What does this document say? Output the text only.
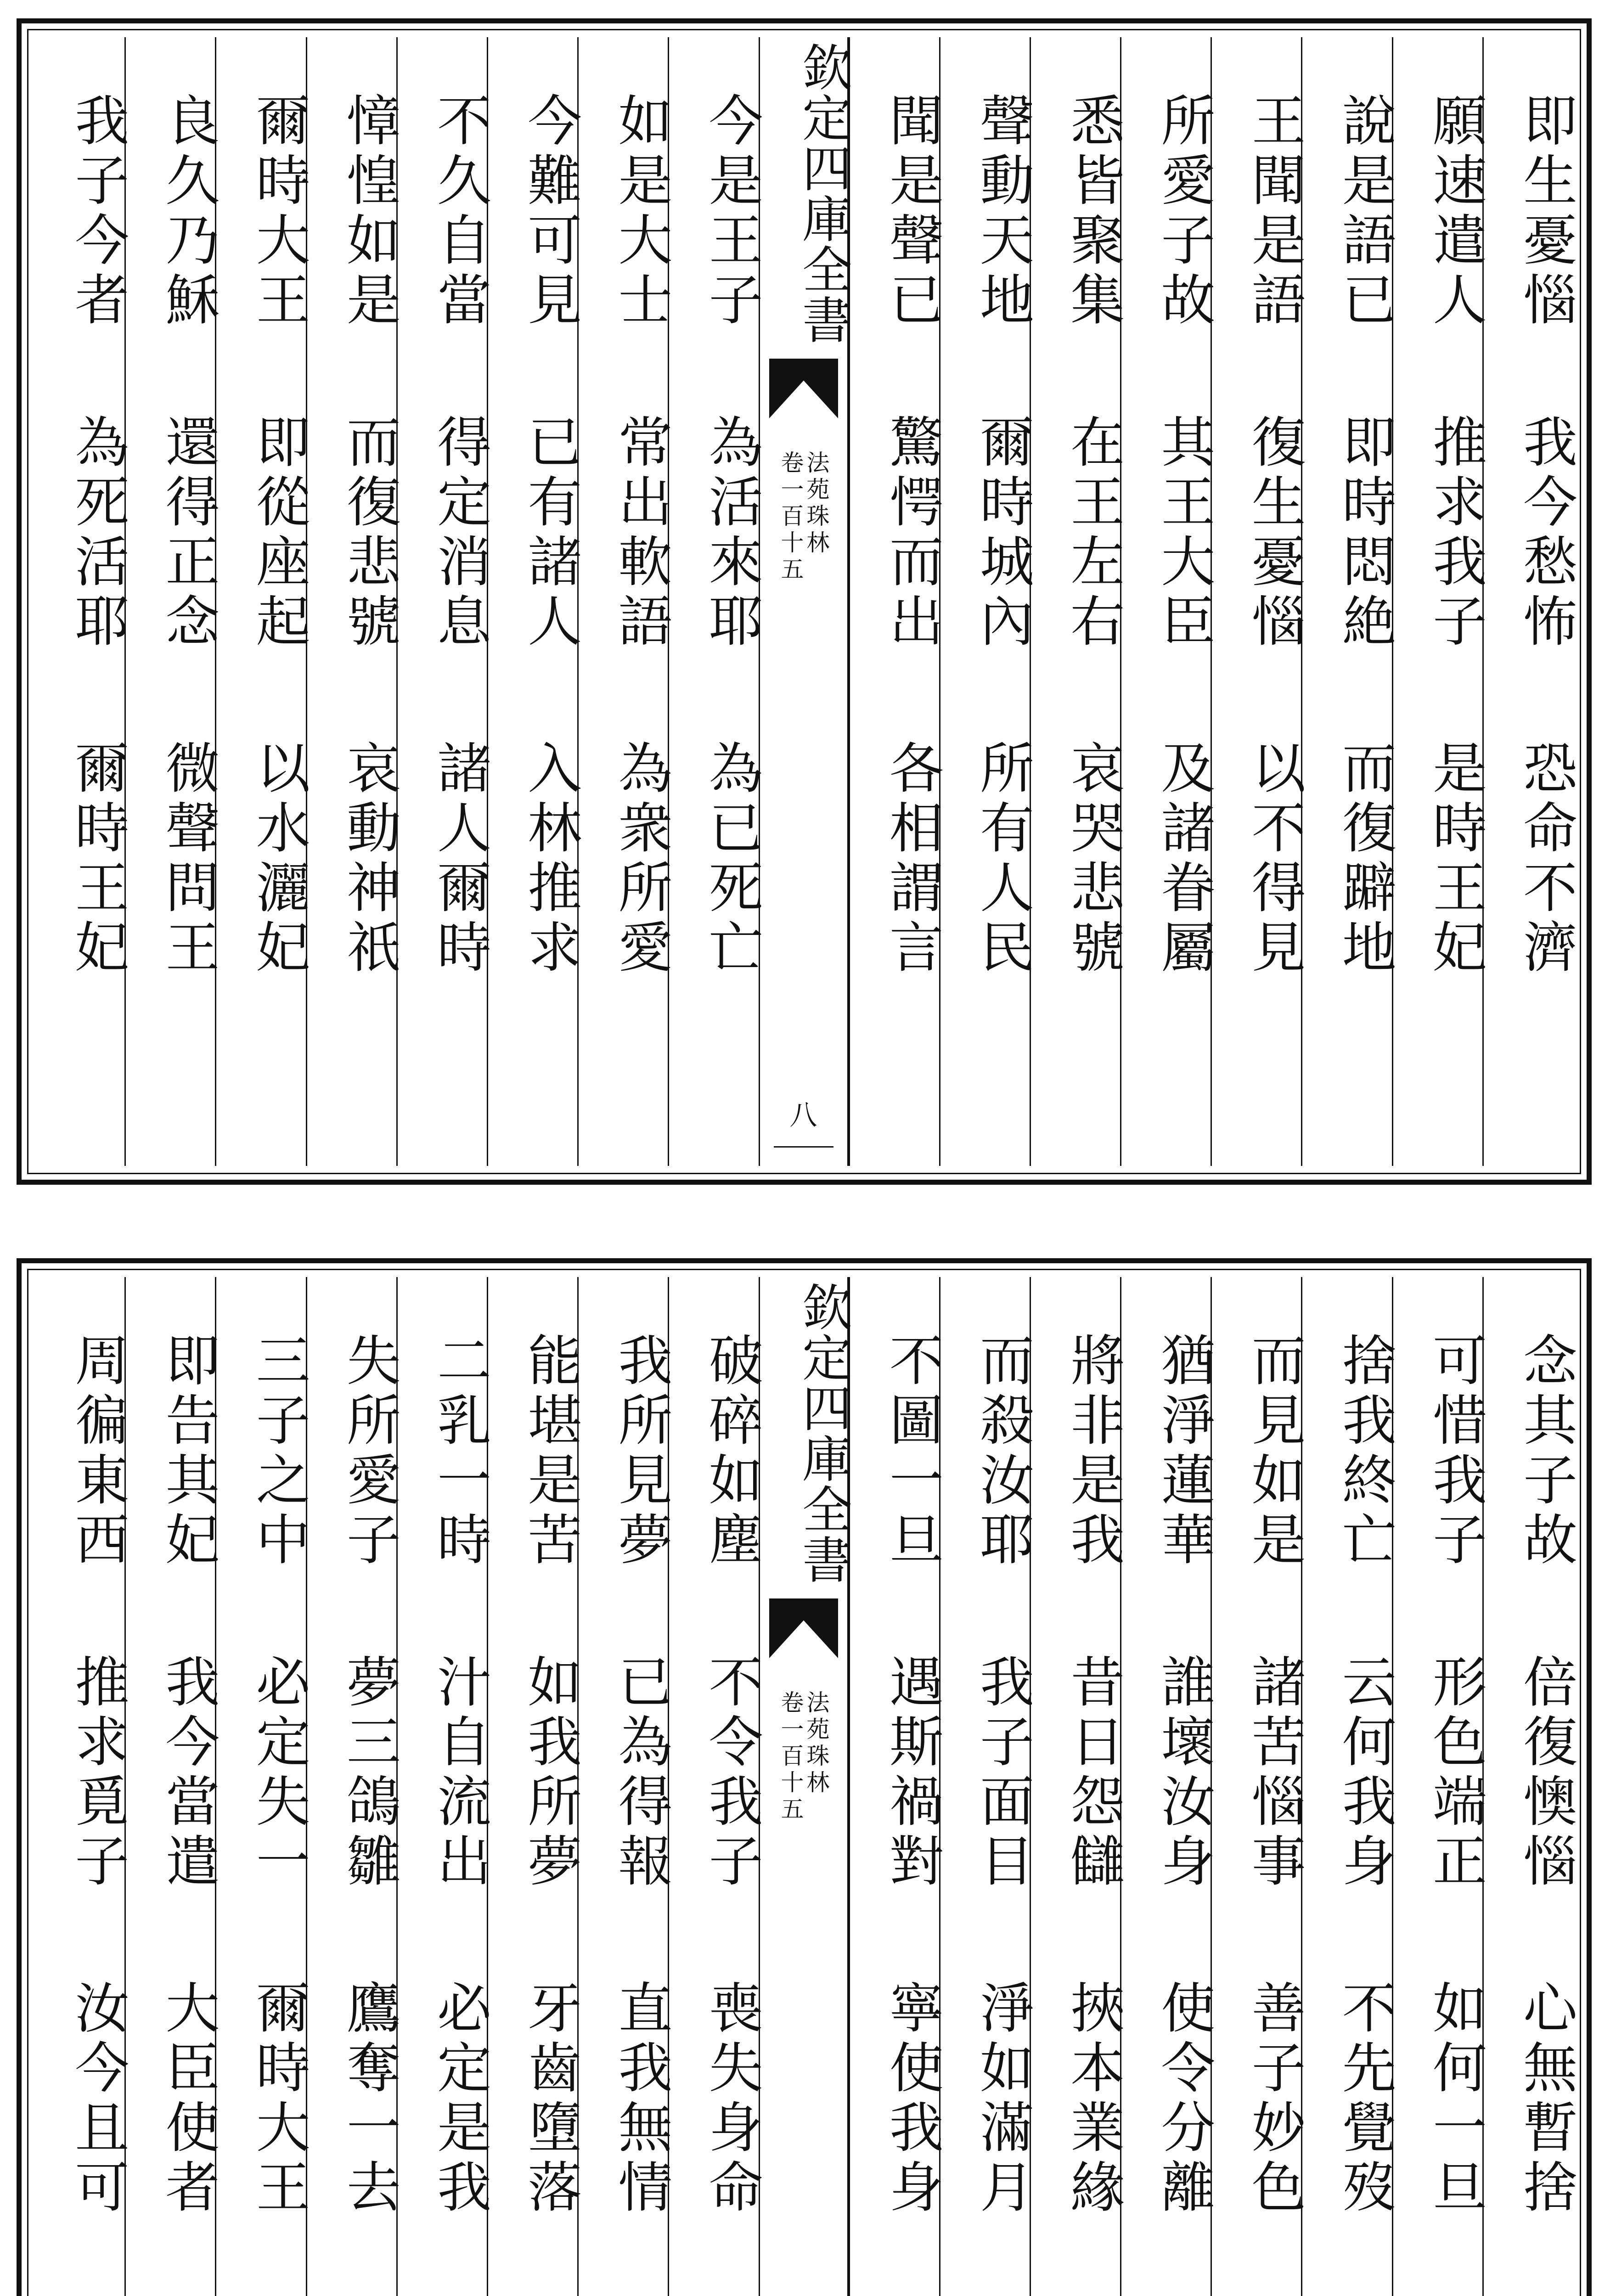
即生憂惱
我今愁怖
恐命不濟
願速遣人
推求我子
是時王妃
說是語已
即時悶絶
而復躃地
王聞是語
復生憂惱
以不得見
所愛子故
其王大臣
及諸眷屬
悉皆聚集
在王左右
哀哭悲號
聲動天地
爾時城內
所有人民
聞是聲已
驚愕而出
各相謂言
欽定四庫全書
法苑珠林
卷一百十五
八
今是王子
為活來耶
為已死亡
如是大士
常出軟語
為衆所愛
今難可見
已有諸人
入林推求
不久自當
得定消息
諸人爾時
慞惶如是
而復悲號
哀動神祇
爾時大王
即從座起
以水灑妃
良久乃穌
還得正念
微聲問王
我子今者
為死活耶
爾時王妃
念其子故
倍復懊惱
心無暫捨
可惜我子
形色端正
如何一旦
捨我終亡
云何我身
不先覺歿
而見如是
諸苦惱事
善子妙色
猶淨蓮華
誰壞汝身
使令分離
將非是我
昔日怨讎
挾本業緣
而殺汝耶
我子面目
淨如滿月
不圖一旦
遇斯禍對
寧使我身
欽定四庫全書
法苑珠林
卷一百十五
破碎如塵
不令我子
喪失身命
我所見夢
已為得報
直我無情
能堪是苦
如我所夢
牙齒墮落
二乳一時
汁自流出
必定是我
失所愛子
夢三鴿雛
鷹奪一去
三子之中
必定失一
爾時大王
即告其妃
我今當遣
大臣使者
周徧東西
推求覓子
汝今且可
